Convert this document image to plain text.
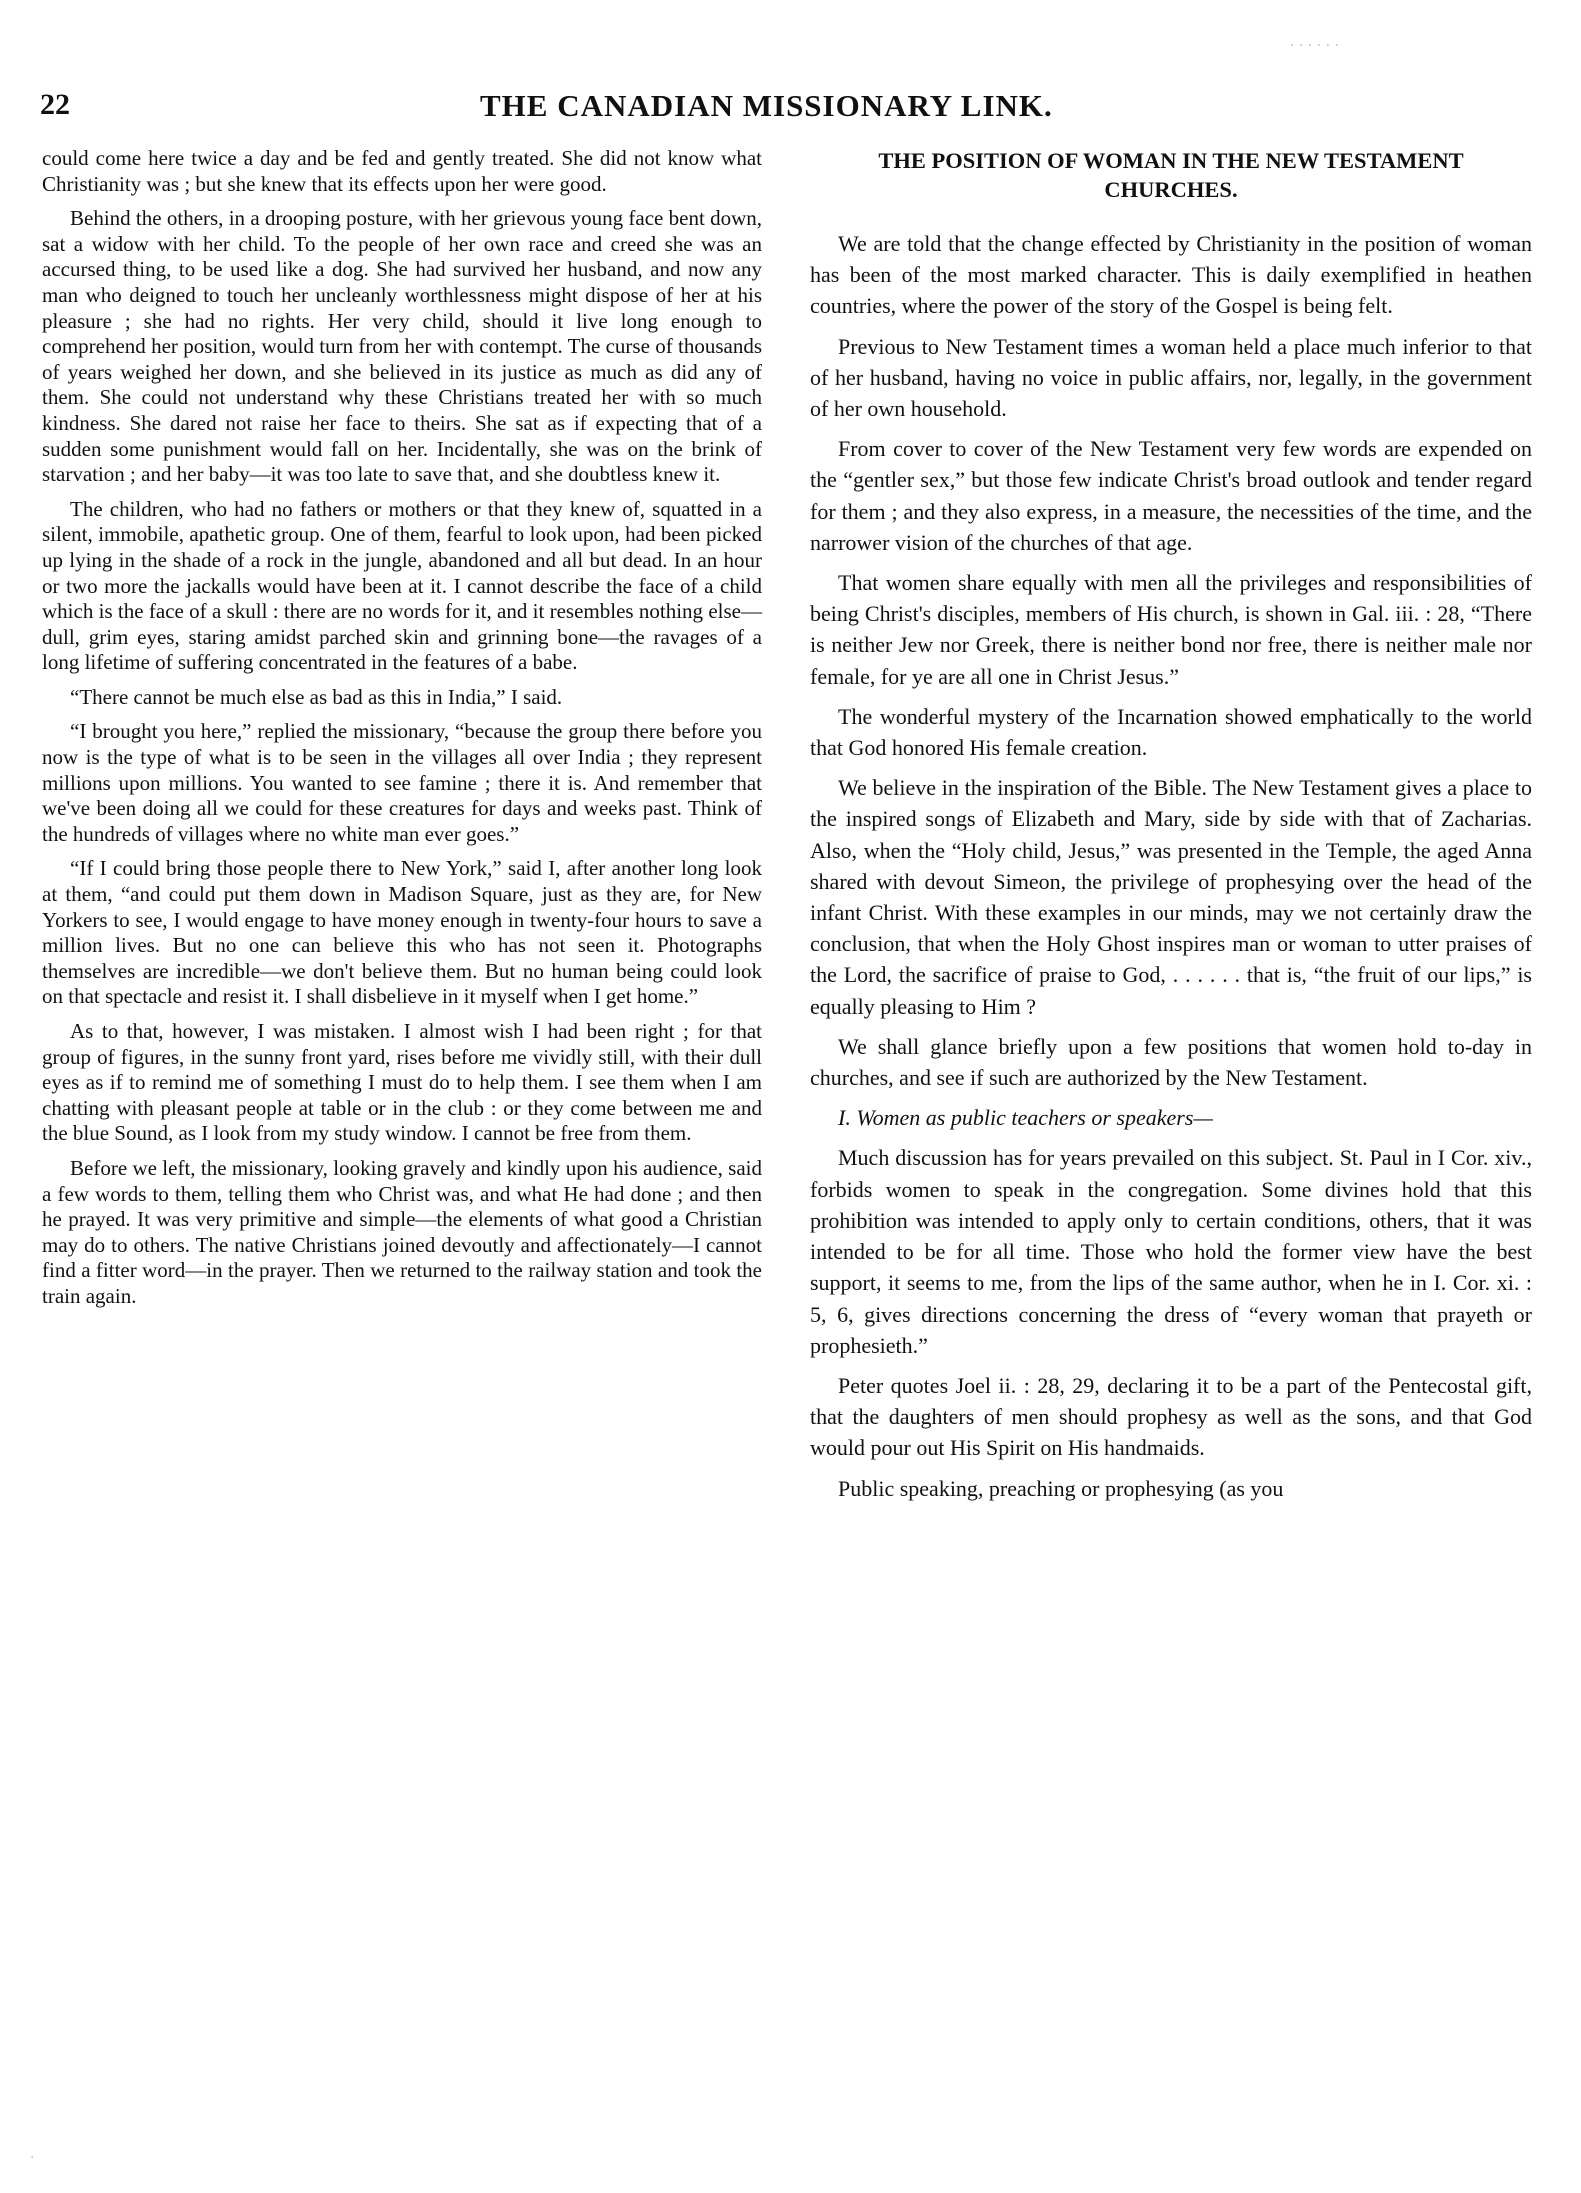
22	THE CANADIAN MISSIONARY LINK.
· · · · · ·
·

could come here twice a day and be fed and gently treated. She did not know what Christianity was ; but she knew that its effects upon her were good.

Behind the others, in a drooping posture, with her grievous young face bent down, sat a widow with her child. To the people of her own race and creed she was an accursed thing, to be used like a dog. She had survived her husband, and now any man who deigned to touch her uncleanly worthlessness might dispose of her at his pleasure ; she had no rights. Her very child, should it live long enough to comprehend her position, would turn from her with contempt. The curse of thousands of years weighed her down, and she believed in its justice as much as did any of them. She could not understand why these Christians treated her with so much kindness. She dared not raise her face to theirs. She sat as if expecting that of a sudden some punishment would fall on her. Incidentally, she was on the brink of starvation ; and her baby—it was too late to save that, and she doubtless knew it.

The children, who had no fathers or mothers or that they knew of, squatted in a silent, immobile, apathetic group. One of them, fearful to look upon, had been picked up lying in the shade of a rock in the jungle, abandoned and all but dead. In an hour or two more the jackalls would have been at it. I cannot describe the face of a child which is the face of a skull : there are no words for it, and it resembles nothing else—dull, grim eyes, staring amidst parched skin and grinning bone—the ravages of a long lifetime of suffering concentrated in the features of a babe.

“There cannot be much else as bad as this in India,” I said.

“I brought you here,” replied the missionary, “because the group there before you now is the type of what is to be seen in the villages all over India ; they represent millions upon millions. You wanted to see famine ; there it is. And remember that we've been doing all we could for these creatures for days and weeks past. Think of the hundreds of villages where no white man ever goes.”

“If I could bring those people there to New York,” said I, after another long look at them, “and could put them down in Madison Square, just as they are, for New Yorkers to see, I would engage to have money enough in twenty-four hours to save a million lives. But no one can believe this who has not seen it. Photographs themselves are incredible—we don't believe them. But no human being could look on that spectacle and resist it. I shall disbelieve in it myself when I get home.”

As to that, however, I was mistaken. I almost wish I had been right ; for that group of figures, in the sunny front yard, rises before me vividly still, with their dull eyes as if to remind me of something I must do to help them. I see them when I am chatting with pleasant people at table or in the club : or they come between me and the blue Sound, as I look from my study window. I cannot be free from them.

Before we left, the missionary, looking gravely and kindly upon his audience, said a few words to them, telling them who Christ was, and what He had done ; and then he prayed. It was very primitive and simple—the elements of what good a Christian may do to others. The native Christians joined devoutly and affectionately—I cannot find a fitter word—in the prayer. Then we returned to the railway station and took the train again.

THE POSITION OF WOMAN IN THE NEW TESTAMENT CHURCHES.

We are told that the change effected by Christianity in the position of woman has been of the most marked character. This is daily exemplified in heathen countries, where the power of the story of the Gospel is being felt.

Previous to New Testament times a woman held a place much inferior to that of her husband, having no voice in public affairs, nor, legally, in the government of her own household.

From cover to cover of the New Testament very few words are expended on the “gentler sex,” but those few indicate Christ's broad outlook and tender regard for them ; and they also express, in a measure, the necessities of the time, and the narrower vision of the churches of that age.

That women share equally with men all the privileges and responsibilities of being Christ's disciples, members of His church, is shown in Gal. iii. : 28, “There is neither Jew nor Greek, there is neither bond nor free, there is neither male nor female, for ye are all one in Christ Jesus.”

The wonderful mystery of the Incarnation showed emphatically to the world that God honored His female creation.

We believe in the inspiration of the Bible. The New Testament gives a place to the inspired songs of Elizabeth and Mary, side by side with that of Zacharias. Also, when the “Holy child, Jesus,” was presented in the Temple, the aged Anna shared with devout Simeon, the privilege of prophesying over the head of the infant Christ. With these examples in our minds, may we not certainly draw the conclusion, that when the Holy Ghost inspires man or woman to utter praises of the Lord, the sacrifice of praise to God, . . . . . . that is, “the fruit of our lips,” is equally pleasing to Him ?

We shall glance briefly upon a few positions that women hold to-day in churches, and see if such are authorized by the New Testament.

I. Women as public teachers or speakers—

Much discussion has for years prevailed on this subject. St. Paul in I Cor. xiv., forbids women to speak in the congregation. Some divines hold that this prohibition was intended to apply only to certain conditions, others, that it was intended to be for all time. Those who hold the former view have the best support, it seems to me, from the lips of the same author, when he in I. Cor. xi. : 5, 6, gives directions concerning the dress of “every woman that prayeth or prophesieth.”

Peter quotes Joel ii. : 28, 29, declaring it to be a part of the Pentecostal gift, that the daughters of men should prophesy as well as the sons, and that God would pour out His Spirit on His handmaids.

Public speaking, preaching or prophesying (as you
